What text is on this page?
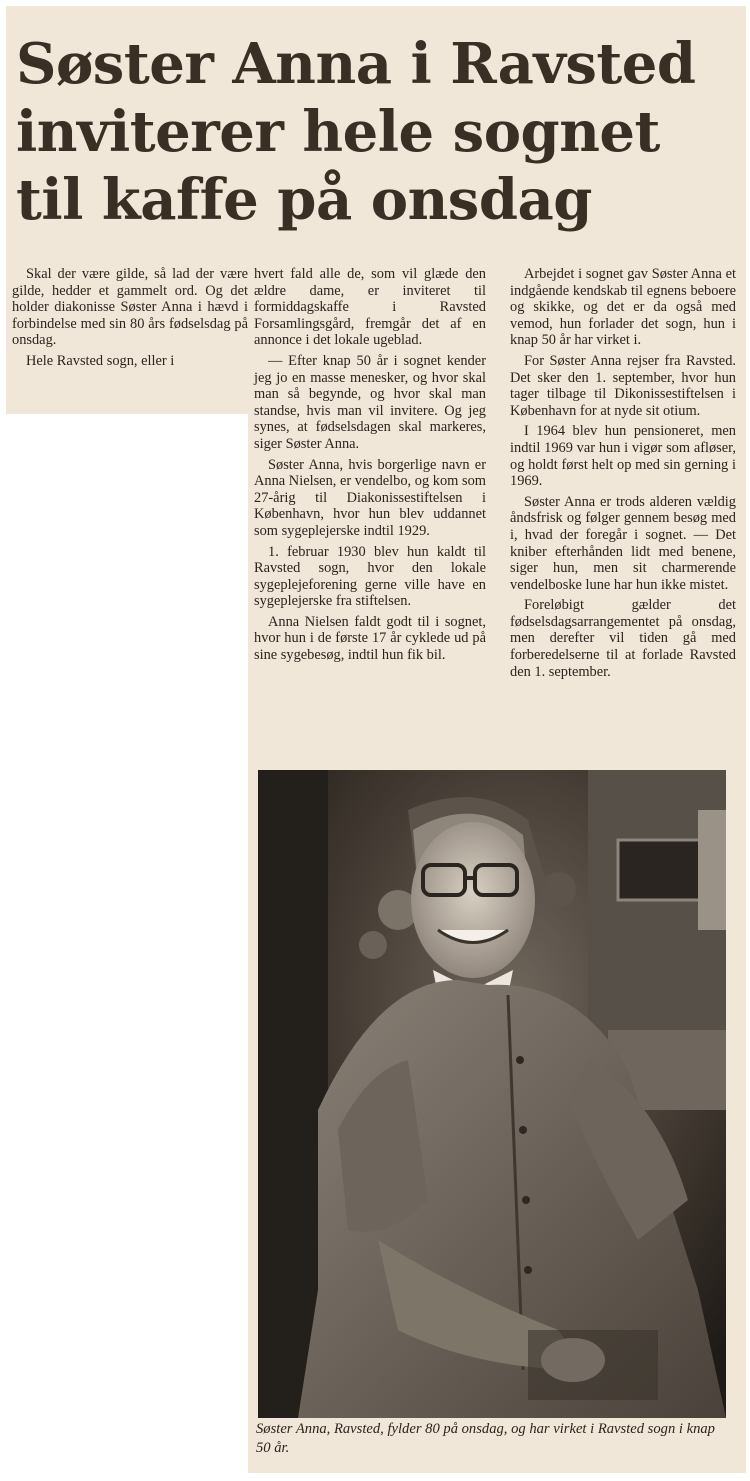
Søster Anna i Ravsted
inviterer hele sognet
til kaffe på onsdag

Skal der være gilde, så lad der være gilde, hedder et gammelt ord. Og det holder diakonisse Søster Anna i hævd i forbindelse med sin 80 års fødselsdag på onsdag.

Hele Ravsted sogn, eller i

hvert fald alle de, som vil glæde den ældre dame, er inviteret til formiddagskaffe i Ravsted Forsamlingsgård, fremgår det af en annonce i det lokale ugeblad.

— Efter knap 50 år i sognet kender jeg jo en masse menesker, og hvor skal man så begynde, og hvor skal man standse, hvis man vil invitere. Og jeg synes, at fødselsdagen skal markeres, siger Søster Anna.

Søster Anna, hvis borgerlige navn er Anna Nielsen, er vendelbo, og kom som 27-årig til Diakonissestiftelsen i København, hvor hun blev uddannet som sygeplejerske indtil 1929.

1. februar 1930 blev hun kaldt til Ravsted sogn, hvor den lokale sygeplejeforening gerne ville have en sygeplejerske fra stiftelsen.

Anna Nielsen faldt godt til i sognet, hvor hun i de første 17 år cyklede ud på sine sygebesøg, indtil hun fik bil.

Arbejdet i sognet gav Søster Anna et indgående kendskab til egnens beboere og skikke, og det er da også med vemod, hun forlader det sogn, hun i knap 50 år har virket i.

For Søster Anna rejser fra Ravsted. Det sker den 1. september, hvor hun tager tilbage til Dikonissestiftelsen i København for at nyde sit otium.

I 1964 blev hun pensioneret, men indtil 1969 var hun i vigør som afløser, og holdt først helt op med sin gerning i 1969.

Søster Anna er trods alderen vældig åndsfrisk og følger gennem besøg med i, hvad der foregår i sognet. — Det kniber efterhånden lidt med benene, siger hun, men sit charmerende vendelboske lune har hun ikke mistet.

Foreløbigt gælder det fødselsdagsarrangementet på onsdag, men derefter vil tiden gå med forberedelserne til at forlade Ravsted den 1. september.

Søster Anna, Ravsted, fylder 80 på onsdag, og har virket i Ravsted sogn i knap 50 år.
